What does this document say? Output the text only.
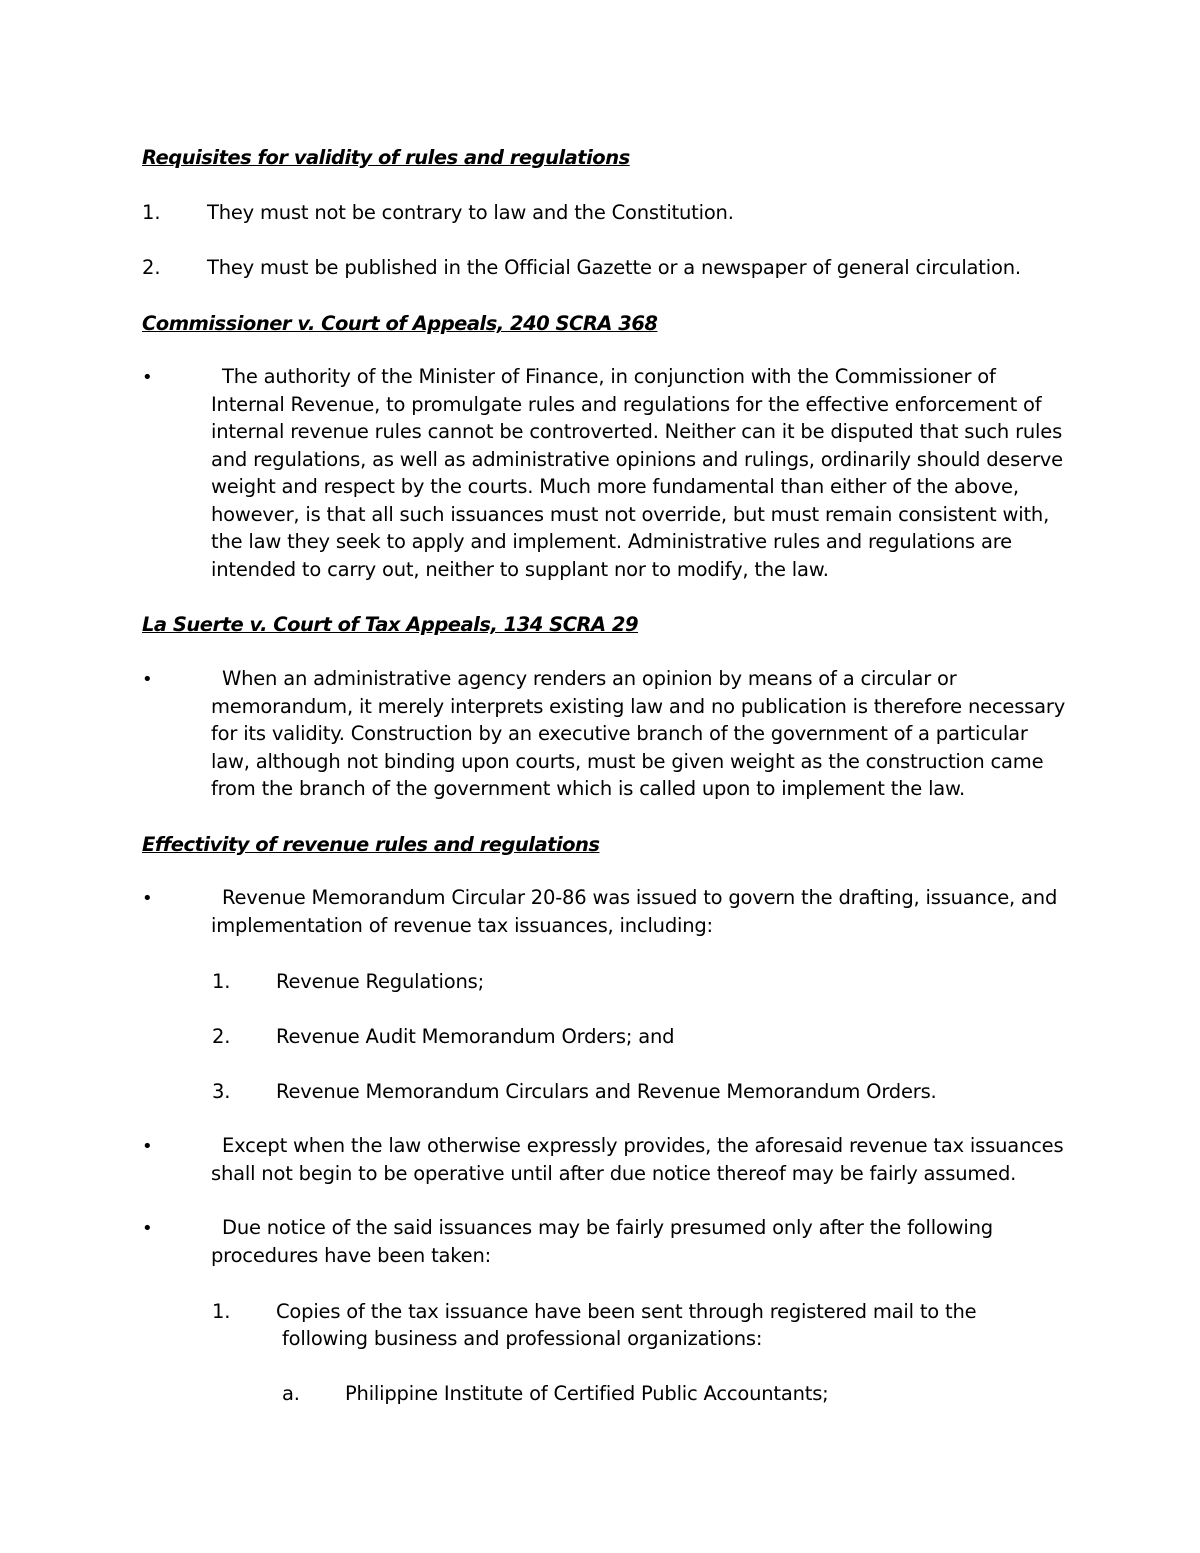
Requisites for validity of rules and regulations
1. They must not be contrary to law and the Constitution.
2. They must be published in the Official Gazette or a newspaper of general circulation.
Commissioner v. Court of Appeals, 240 SCRA 368
•	The authority of the Minister of Finance, in conjunction with the Commissioner of Internal Revenue, to promulgate rules and regulations for the effective enforcement of internal revenue rules cannot be controverted. Neither can it be disputed that such rules and regulations, as well as administrative opinions and rulings, ordinarily should deserve weight and respect by the courts. Much more fundamental than either of the above, however, is that all such issuances must not override, but must remain consistent with, the law they seek to apply and implement. Administrative rules and regulations are intended to carry out, neither to supplant nor to modify, the law.
La Suerte v. Court of Tax Appeals, 134 SCRA 29
•	When an administrative agency renders an opinion by means of a circular or memorandum, it merely interprets existing law and no publication is therefore necessary for its validity. Construction by an executive branch of the government of a particular law, although not binding upon courts, must be given weight as the construction came from the branch of the government which is called upon to implement the law.
Effectivity of revenue rules and regulations
•	Revenue Memorandum Circular 20-86 was issued to govern the drafting, issuance, and implementation of revenue tax issuances, including:
1. Revenue Regulations;
2. Revenue Audit Memorandum Orders; and
3. Revenue Memorandum Circulars and Revenue Memorandum Orders.
•	Except when the law otherwise expressly provides, the aforesaid revenue tax issuances shall not begin to be operative until after due notice thereof may be fairly assumed.
•	Due notice of the said issuances may be fairly presumed only after the following procedures have been taken:
1. Copies of the tax issuance have been sent through registered mail to the
following business and professional organizations:
a. Philippine Institute of Certified Public Accountants;
